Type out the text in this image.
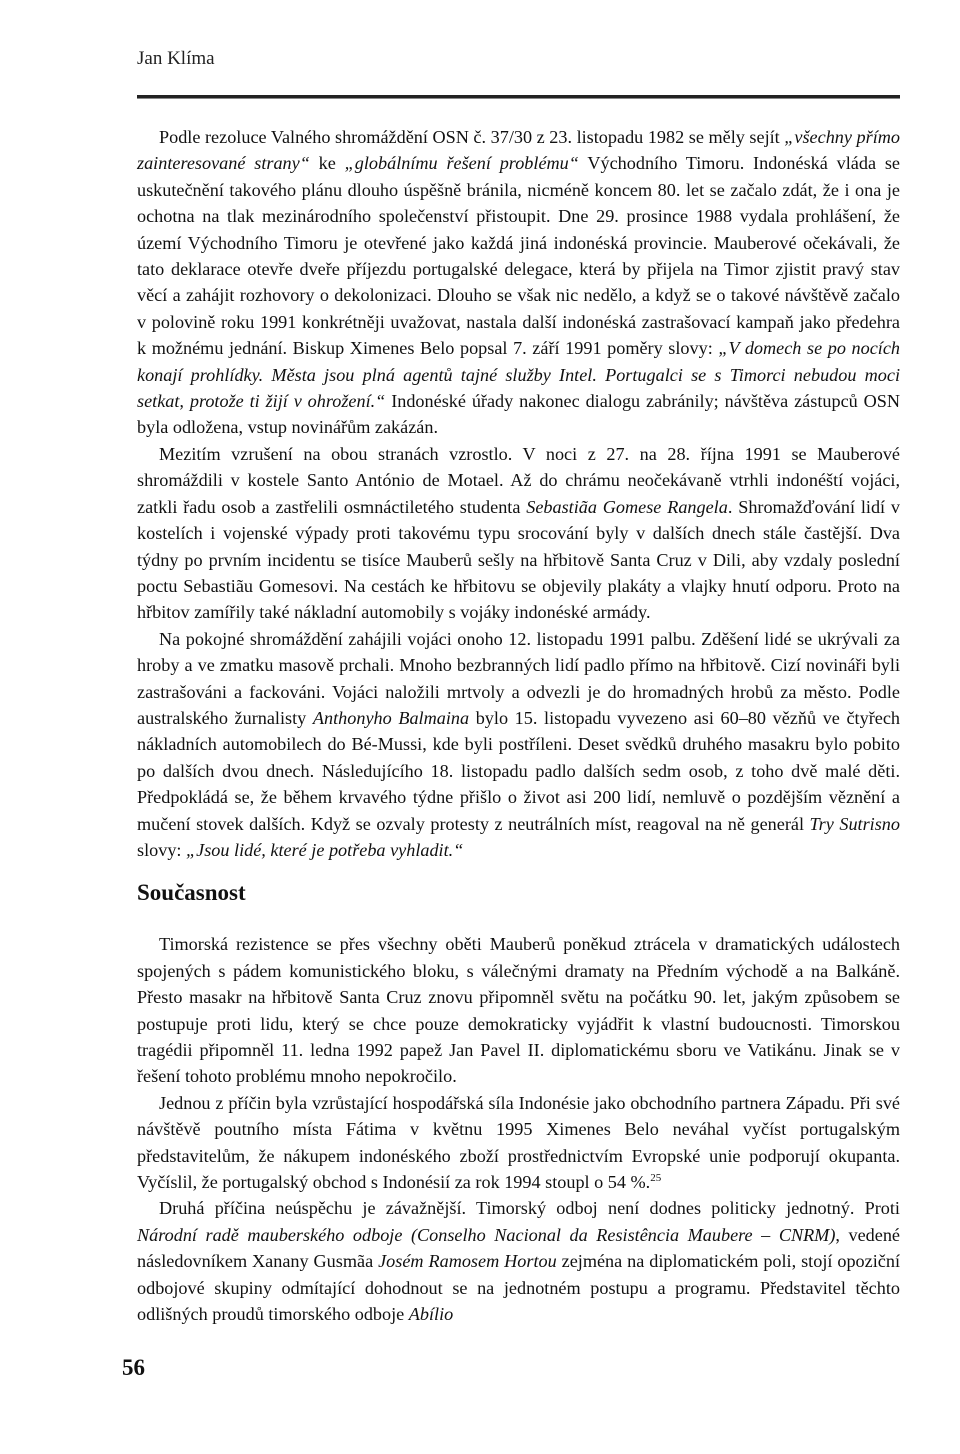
Jan Klíma

Podle rezoluce Valného shromáždění OSN č. 37/30 z 23. listopadu 1982 se měly sejít „všechny přímo zainteresované strany“ ke „globálnímu řešení problému“ Východního Timoru. Indonéská vláda se uskutečnění takového plánu dlouho úspěšně bránila, nicméně koncem 80. let se začalo zdát, že i ona je ochotna na tlak mezinárodního společenství přistoupit. Dne 29. prosince 1988 vydala prohlášení, že území Východního Timoru je otevřené jako každá jiná indonéská provincie. Mauberové očekávali, že tato deklarace otevře dveře příjezdu portugalské delegace, která by přijela na Timor zjistit pravý stav věcí a zahájit rozhovory o dekolonizaci. Dlouho se však nic nedělo, a když se o takové návštěvě začalo v polovině roku 1991 konkrétněji uvažovat, nastala další indonéská zastrašovací kampaň jako předehra k možnému jednání. Biskup Ximenes Belo popsal 7. září 1991 poměry slovy: „V domech se po nocích konají prohlídky. Města jsou plná agentů tajné služby Intel. Portugalci se s Timorci nebudou moci setkat, protože ti žijí v ohrožení.“ Indonéské úřady nakonec dialogu zabránily; návštěva zástupců OSN byla odložena, vstup novinářům zakázán.

Mezitím vzrušení na obou stranách vzrostlo. V noci z 27. na 28. října 1991 se Mauberové shromáždili v kostele Santo António de Motael. Až do chrámu neočekávaně vtrhli indonéští vojáci, zatkli řadu osob a zastřelili osmnáctiletého studenta Sebastiãa Gomese Rangela. Shromažďování lidí v kostelích i vojenské výpady proti takovému typu srocování byly v dalších dnech stále častější. Dva týdny po prvním incidentu se tisíce Mauberů sešly na hřbitově Santa Cruz v Dili, aby vzdaly poslední poctu Sebastiãu Gomesovi. Na cestách ke hřbitovu se objevily plakáty a vlajky hnutí odporu. Proto na hřbitov zamířily také nákladní automobily s vojáky indonéské armády.

Na pokojné shromáždění zahájili vojáci onoho 12. listopadu 1991 palbu. Zděšení lidé se ukrývali za hroby a ve zmatku masově prchali. Mnoho bezbranných lidí padlo přímo na hřbitově. Cizí novináři byli zastrašováni a fackováni. Vojáci naložili mrtvoly a odvezli je do hromadných hrobů za město. Podle australského žurnalisty Anthonyho Balmaina bylo 15. listopadu vyvezeno asi 60–80 vězňů ve čtyřech nákladních automobilech do Bé-Mussi, kde byli postříleni. Deset svědků druhého masakru bylo pobito po dalších dvou dnech. Následujícího 18. listopadu padlo dalších sedm osob, z toho dvě malé děti. Předpokládá se, že během krvavého týdne přišlo o život asi 200 lidí, nemluvě o pozdějším věznění a mučení stovek dalších. Když se ozvaly protesty z neutrálních míst, reagoval na ně generál Try Sutrisno slovy: „Jsou lidé, které je potřeba vyhladit.“

Současnost

Timorská rezistence se přes všechny oběti Mauberů poněkud ztrácela v dramatických událostech spojených s pádem komunistického bloku, s válečnými dramaty na Předním východě a na Balkáně. Přesto masakr na hřbitově Santa Cruz znovu připomněl světu na počátku 90. let, jakým způsobem se postupuje proti lidu, který se chce pouze demokraticky vyjádřit k vlastní budoucnosti. Timorskou tragédii připomněl 11. ledna 1992 papež Jan Pavel II. diplomatickému sboru ve Vatikánu. Jinak se v řešení tohoto problému mnoho nepokročilo.

Jednou z příčin byla vzrůstající hospodářská síla Indonésie jako obchodního partnera Západu. Při své návštěvě poutního místa Fátima v květnu 1995 Ximenes Belo neváhal vyčíst portugalským představitelům, že nákupem indonéského zboží prostřednictvím Evropské unie podporují okupanta. Vyčíslil, že portugalský obchod s Indonésií za rok 1994 stoupl o 54 %.$^{25}$

Druhá příčina neúspěchu je závažnější. Timorský odboj není dodnes politicky jednotný. Proti Národní radě mauberského odboje (Conselho Nacional da Resistência Maubere – CNRM), vedené následovníkem Xanany Gusmãa Josém Ramosem Hortou zejména na diplomatickém poli, stojí opoziční odbojové skupiny odmítající dohodnout se na jednotném postupu a programu. Představitel těchto odlišných proudů timorského odboje Abílio

56
